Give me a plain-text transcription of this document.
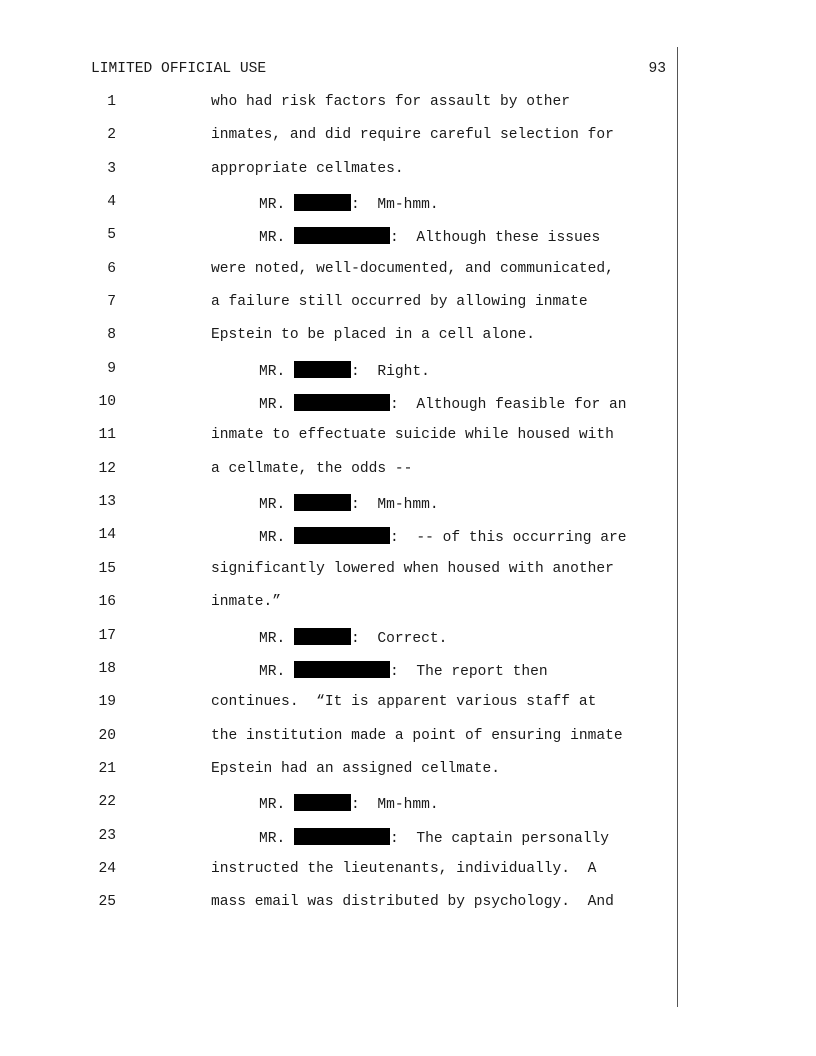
LIMITED OFFICIAL USE	93
1	who had risk factors for assault by other
2	inmates, and did require careful selection for
3	appropriate cellmates.
4	MR.	:  Mm-hmm.
5	MR.	:  Although these issues
6	were noted, well-documented, and communicated,
7	a failure still occurred by allowing inmate
8	Epstein to be placed in a cell alone.
9	MR.	:  Right.
10	MR.	:  Although feasible for an
11	inmate to effectuate suicide while housed with
12	a cellmate, the odds --
13	MR.	:  Mm-hmm.
14	MR.	:  -- of this occurring are
15	significantly lowered when housed with another
16	inmate.”
17	MR.	:  Correct.
18	MR.	:  The report then
19	continues.  “It is apparent various staff at
20	the institution made a point of ensuring inmate
21	Epstein had an assigned cellmate.
22	MR.	:  Mm-hmm.
23	MR.	:  The captain personally
24	instructed the lieutenants, individually.  A
25	mass email was distributed by psychology.  And
